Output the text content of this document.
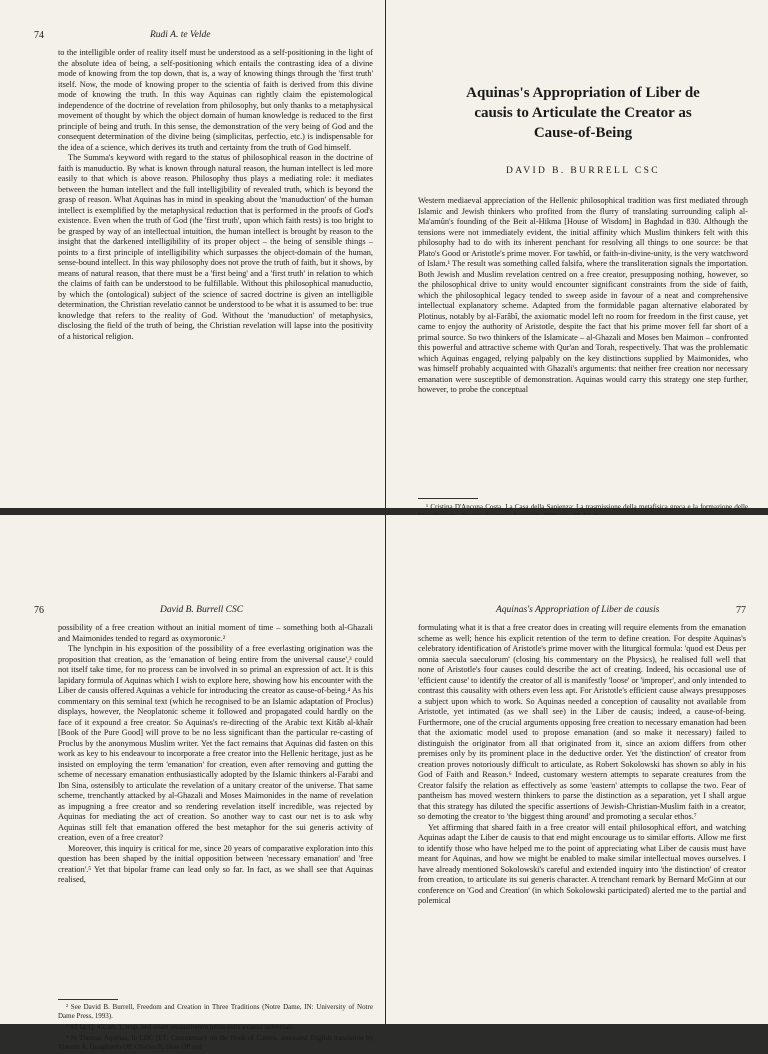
74	Rudi A. te Velde

to the intelligible order of reality itself must be understood as a self-positioning in the light of the absolute idea of being, a self-positioning which entails the contrasting idea of a divine mode of knowing from the top down, that is, a way of knowing things through the 'first truth' itself. Now, the mode of knowing proper to the scientia of faith is derived from this divine mode of knowing the truth. In this way Aquinas can rightly claim the epistemological independence of the doctrine of revelation from philosophy, but only thanks to a metaphysical movement of thought by which the object domain of human knowledge is reduced to the first principle of being and truth. In this sense, the demonstration of the very being of God and the consequent determination of the divine being (simplicitas, perfectio, etc.) is indispensable for the idea of a science, which derives its truth and certainty from the truth of God himself.

The Summa's keyword with regard to the status of philosophical reason in the doctrine of faith is manuductio. By what is known through natural reason, the human intellect is led more easily to that which is above reason. Philosophy thus plays a mediating role: it mediates between the human intellect and the full intelligibility of revealed truth, which is beyond the grasp of reason. What Aquinas has in mind in speaking about the 'manuduction' of the human intellect is exemplified by the metaphysical reduction that is performed in the proofs of God's existence. Even when the truth of God (the 'first truth', upon which faith rests) is too bright to be grasped by way of an intellectual intuition, the human intellect is brought by reason to the insight that the darkened intelligibility of its proper object – the being of sensible things – points to a first principle of intelligibility which surpasses the object-domain of the human, sense-bound intellect. In this way philosophy does not prove the truth of faith, but it shows, by means of natural reason, that there must be a 'first being' and a 'first truth' in relation to which the claims of faith can be understood to be fulfillable. Without this philosophical manuductio, by which the (ontological) subject of the science of sacred doctrine is given an intelligible determination, the Christian revelatio cannot be understood to be what it is assumed to be: true knowledge that refers to the reality of God. Without the 'manuduction' of metaphysics, disclosing the field of the truth of being, the Christian revelation will lapse into the positivity of a historical religion.

Aquinas's Appropriation of Liber de
causis to Articulate the Creator as
Cause-of-Being
DAVID B. BURRELL CSC

Western mediaeval appreciation of the Hellenic philosophical tradition was first mediated through Islamic and Jewish thinkers who profited from the flurry of translating surrounding caliph al-Ma'amûn's founding of the Beit al-Hikma [House of Wisdom] in Baghdad in 830. Although the tensions were not immediately evident, the initial affinity which Muslim thinkers felt with this philosophy had to do with its inherent penchant for resolving all things to one source: be that Plato's Good or Aristotle's prime mover. For tawhîd, or faith-in-divine-unity, is the very watchword of Islam.¹ The result was something called falsifa, where the transliteration signals the importation. Both Jewish and Muslim revelation centred on a free creator, presupposing nothing, however, so the philosophical drive to unity would encounter significant constraints from the side of faith, which the philosophical legacy tended to sweep aside in favour of a neat and comprehensive intellectual explanatory scheme. Adapted from the formidable pagan alternative elaborated by Plotinus, notably by al-Farâbî, the axiomatic model left no room for freedom in the first cause, yet came to enjoy the authority of Aristotle, despite the fact that his prime mover fell far short of a primal source. So two thinkers of the Islamicate – al-Ghazali and Moses ben Maimon – confronted this powerful and attractive scheme with Qur'an and Torah, respectively. That was the problematic which Aquinas engaged, relying palpably on the key distinctions supplied by Maimonides, who was himself probably acquainted with Ghazali's arguments: that neither free creation nor necessary emanation were susceptible of demonstration. Aquinas would carry this strategy one step further, however, to probe the conceptual

¹ Cristina D'Ancona Costa, La Casa della Sapienza: La trasmissione della metafisica greca e la formazione delle

76	David B. Burrell CSC

possibility of a free creation without an initial moment of time – something both al-Ghazali and Maimonides tended to regard as oxymoronic.²

The lynchpin in his exposition of the possibility of a free everlasting origination was the proposition that creation, as the 'emanation of being entire from the universal cause',³ could not itself take time, for no process can be involved in so primal an expression of act. It is this lapidary formula of Aquinas which I wish to explore here, showing how his encounter with the Liber de causis offered Aquinas a vehicle for introducing the creator as cause-of-being.⁴ As his commentary on this seminal text (which he recognised to be an Islamic adaptation of Proclus) displays, however, the Neoplatonic scheme it followed and propagated could hardly on the face of it expound a free creator. So Aquinas's re-directing of the Arabic text Kitâb al-khaîr [Book of the Pure Good] will prove to be no less significant than the particular re-casting of Proclus by the anonymous Muslim writer. Yet the fact remains that Aquinas did fasten on this work as key to his endeavour to incorporate a free creator into the Hellenic heritage, just as he insisted on employing the term 'emanation' for creation, even after removing and gutting the scheme of necessary emanation enthusiastically adopted by the Islamic thinkers al-Farabi and Ibn Sina, ostensibly to articulate the revelation of a unitary creator of the universe. That same scheme, trenchantly attacked by al-Ghazali and Moses Maimonides in the name of revelation as impugning a free creator and so rendering revelation itself incredible, was rejected by Aquinas for mediating the act of creation. So another way to cast our net is to ask why Aquinas still felt that emanation offered the best metaphor for the sui generis activity of creation, even of a free creator?

Moreover, this inquiry is critical for me, since 20 years of comparative exploration into this question has been shaped by the initial opposition between 'necessary emanation' and 'free creation'.⁵ Yet that bipolar frame can lead only so far. In fact, as we shall see that Aquinas realised,

² See David B. Burrell, Freedom and Creation in Three Traditions (Notre Dame, IN: University of Notre Dame Press, 1993).

³ ST Ia, Q. 45, art. 1, resp. 'sed etiam emanationem totius entis a causa universali'.

⁴ St Thomas Aquinas, In LDC [ET: Commentary on the Book of Causes, annotated English translation by Vincent A. Guagliardo OP, Charles R. Hess OP and

Aquinas's Appropriation of Liber de causis	77

formulating what it is that a free creator does in creating will require elements from the emanation scheme as well; hence his explicit retention of the term to define creation. For despite Aquinas's celebratory identification of Aristotle's prime mover with the liturgical formula: 'quod est Deus per omnia saecula saeculorum' (closing his commentary on the Physics), he realised full well that none of Aristotle's four causes could describe the act of creating. Indeed, his occasional use of 'efficient cause' to identify the creator of all is manifestly 'loose' or 'improper', and only intended to contrast this causality with others even less apt. For Aristotle's efficient cause always presupposes a subject upon which to work. So Aquinas needed a conception of causality not available from Aristotle, yet intimated (as we shall see) in the Liber de causis; indeed, a cause-of-being. Furthermore, one of the crucial arguments opposing free creation to necessary emanation had been that the axiomatic model used to propose emanation (and so make it necessary) failed to distinguish the originator from all that originated from it, since an axiom differs from other premises only by its prominent place in the deductive order. Yet 'the distinction' of creator from creation proves notoriously difficult to articulate, as Robert Sokolowski has shown so ably in his God of Faith and Reason.⁶ Indeed, customary western attempts to separate creatures from the Creator falsify the relation as effectively as some 'eastern' attempts to collapse the two. Fear of pantheism has moved western thinkers to parse the distinction as a separation, yet I shall argue that this strategy has diluted the specific assertions of Jewish-Christian-Muslim faith in a creator, so demoting the creator to 'the biggest thing around' and promoting a secular ethos.⁷

Yet affirming that shared faith in a free creator will entail philosophical effort, and watching Aquinas adapt the Liber de causis to that end might encourage us to similar efforts. Allow me first to identify those who have helped me to the point of appreciating what Liber de causis must have meant for Aquinas, and how we might be enabled to make similar intellectual moves ourselves. I have already mentioned Sokolowski's careful and extended inquiry into 'the distinction' of creator from creation, to articulate its sui generis character. A trenchant remark by Bernard McGinn at our conference on 'God and Creation' (in which Sokolowski participated) alerted me to the partial and polemical
